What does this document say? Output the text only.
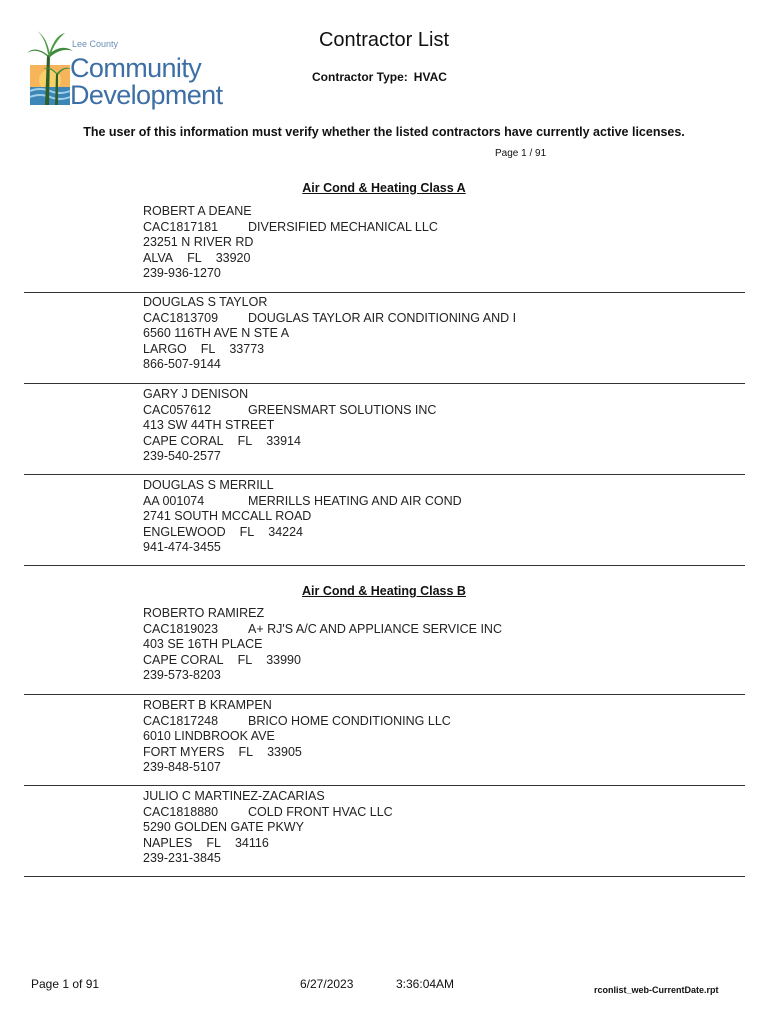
Lee County
Community
Development
Contractor List
Contractor Type: HVAC
The user of this information must verify whether the listed contractors have currently active licenses.
Page 1 / 91
Air Cond & Heating Class A
ROBERT A DEANE
CAC1817181 DIVERSIFIED MECHANICAL LLC
23251 N RIVER RD
ALVA FL 33920
239-936-1270
DOUGLAS S TAYLOR
CAC1813709 DOUGLAS TAYLOR AIR CONDITIONING AND I
6560 116TH AVE N STE A
LARGO FL 33773
866-507-9144
GARY J DENISON
CAC057612	GREENSMART SOLUTIONS INC
413 SW 44TH STREET
CAPE CORAL FL 33914
239-540-2577
DOUGLAS S MERRILL
AA 001074	MERRILLS HEATING AND AIR COND
2741 SOUTH MCCALL ROAD
ENGLEWOOD FL 34224
941-474-3455
Air Cond & Heating Class B
ROBERTO RAMIREZ
CAC1819023 A+ RJ'S A/C AND APPLIANCE SERVICE INC
403 SE 16TH PLACE
CAPE CORAL FL 33990
239-573-8203
ROBERT B KRAMPEN
CAC1817248 BRICO HOME CONDITIONING LLC
6010 LINDBROOK AVE
FORT MYERS FL 33905
239-848-5107
JULIO C MARTINEZ-ZACARIAS
CAC1818880 COLD FRONT HVAC LLC
5290 GOLDEN GATE PKWY
NAPLES FL 34116
239-231-3845
Page 1 of 91	6/27/2023	3:36:04AM	rconlist_web-CurrentDate.rpt
